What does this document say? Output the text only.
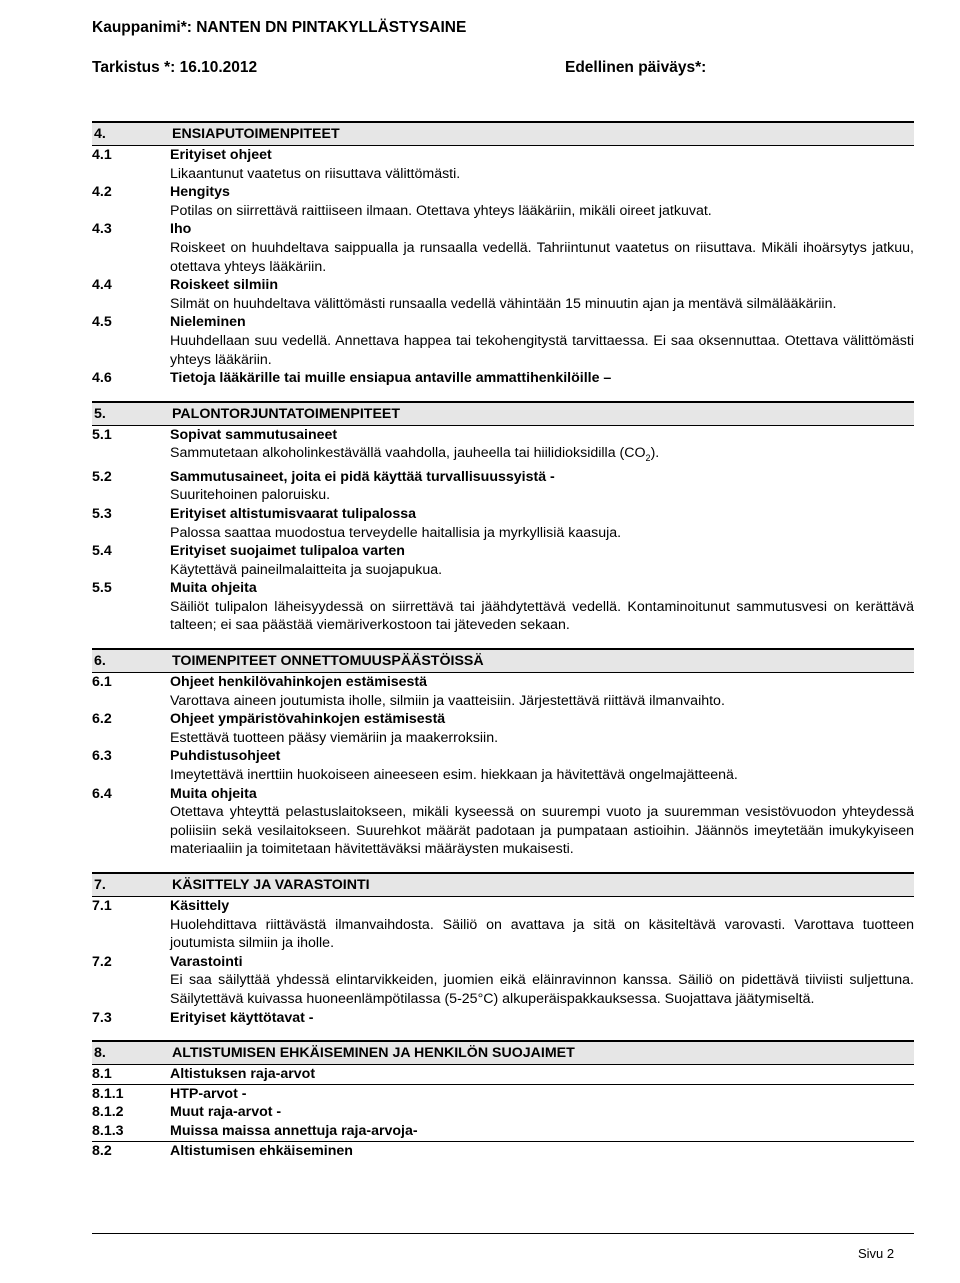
Kauppanimi*: NANTEN DN PINTAKYLLÄSTYSAINE
Tarkistus *: 16.10.2012	Edellinen päiväys*:
4.	ENSIAPUTOIMENPITEET
4.1	Erityiset ohjeet
Likaantunut vaatetus on riisuttava välittömästi.
4.2	Hengitys
Potilas on siirrettävä raittiiseen ilmaan. Otettava yhteys lääkäriin, mikäli oireet jatkuvat.
4.3	Iho
Roiskeet on huuhdeltava saippualla ja runsaalla vedellä. Tahriintunut vaatetus on riisuttava. Mikäli ihoärsytys jatkuu, otettava yhteys lääkäriin.
4.4	Roiskeet silmiin
Silmät on huuhdeltava välittömästi runsaalla vedellä vähintään 15 minuutin ajan ja mentävä silmälääkäriin.
4.5	Nieleminen
Huuhdellaan suu vedellä. Annettava happea tai tekohengitystä tarvittaessa. Ei saa oksennuttaa. Otettava välittömästi yhteys lääkäriin.
4.6	Tietoja lääkärille tai muille ensiapua antaville ammattihenkilöille –
5.	PALONTORJUNTATOIMENPITEET
5.1	Sopivat sammutusaineet
Sammutetaan alkoholinkestävällä vaahdolla, jauheella tai hiilidioksidilla $(CO_2)$.
5.2	Sammutusaineet, joita ei pidä käyttää turvallisuussyistä -
Suuritehoinen paloruisku.
5.3	Erityiset altistumisvaarat tulipalossa
Palossa saattaa muodostua terveydelle haitallisia ja myrkyllisiä kaasuja.
5.4	Erityiset suojaimet tulipaloa varten
Käytettävä paineilmalaitteita ja suojapukua.
5.5	Muita ohjeita
Säiliöt tulipalon läheisyydessä on siirrettävä tai jäähdytettävä vedellä. Kontaminoitunut sammutusvesi on kerättävä talteen; ei saa päästää viemäriverkostoon tai jäteveden sekaan.
6.	TOIMENPITEET ONNETTOMUUSPÄÄSTÖISSÄ
6.1	Ohjeet henkilövahinkojen estämisestä
Varottava aineen joutumista iholle, silmiin ja vaatteisiin. Järjestettävä riittävä ilmanvaihto.
6.2	Ohjeet ympäristövahinkojen estämisestä
Estettävä tuotteen pääsy viemäriin ja maakerroksiin.
6.3	Puhdistusohjeet
Imeytettävä inerttiin huokoiseen aineeseen esim. hiekkaan ja hävitettävä ongelmajätteenä.
6.4	Muita ohjeita
Otettava yhteyttä pelastuslaitokseen, mikäli kyseessä on suurempi vuoto ja suuremman vesistövuodon yhteydessä poliisiin sekä vesilaitokseen. Suurehkot määrät padotaan ja pumpataan astioihin. Jäännös imeytetään imukykyiseen materiaaliin ja toimitetaan hävitettäväksi määräysten mukaisesti.
7.	KÄSITTELY JA VARASTOINTI
7.1	Käsittely
Huolehdittava riittävästä ilmanvaihdosta. Säiliö on avattava ja sitä on käsiteltävä varovasti. Varottava tuotteen joutumista silmiin ja iholle.
7.2	Varastointi
Ei saa säilyttää yhdessä elintarvikkeiden, juomien eikä eläinravinnon kanssa. Säiliö on pidettävä tiiviisti suljettuna. Säilytettävä kuivassa huoneenlämpötilassa (5-25°C) alkuperäispakkauksessa. Suojattava jäätymiseltä.
7.3	Erityiset käyttötavat -
8.	ALTISTUMISEN EHKÄISEMINEN JA HENKILÖN SUOJAIMET
8.1	Altistuksen raja-arvot
8.1.1	HTP-arvot -
8.1.2	Muut raja-arvot -
8.1.3	Muissa maissa annettuja raja-arvoja-
8.2	Altistumisen ehkäiseminen
Sivu 2
